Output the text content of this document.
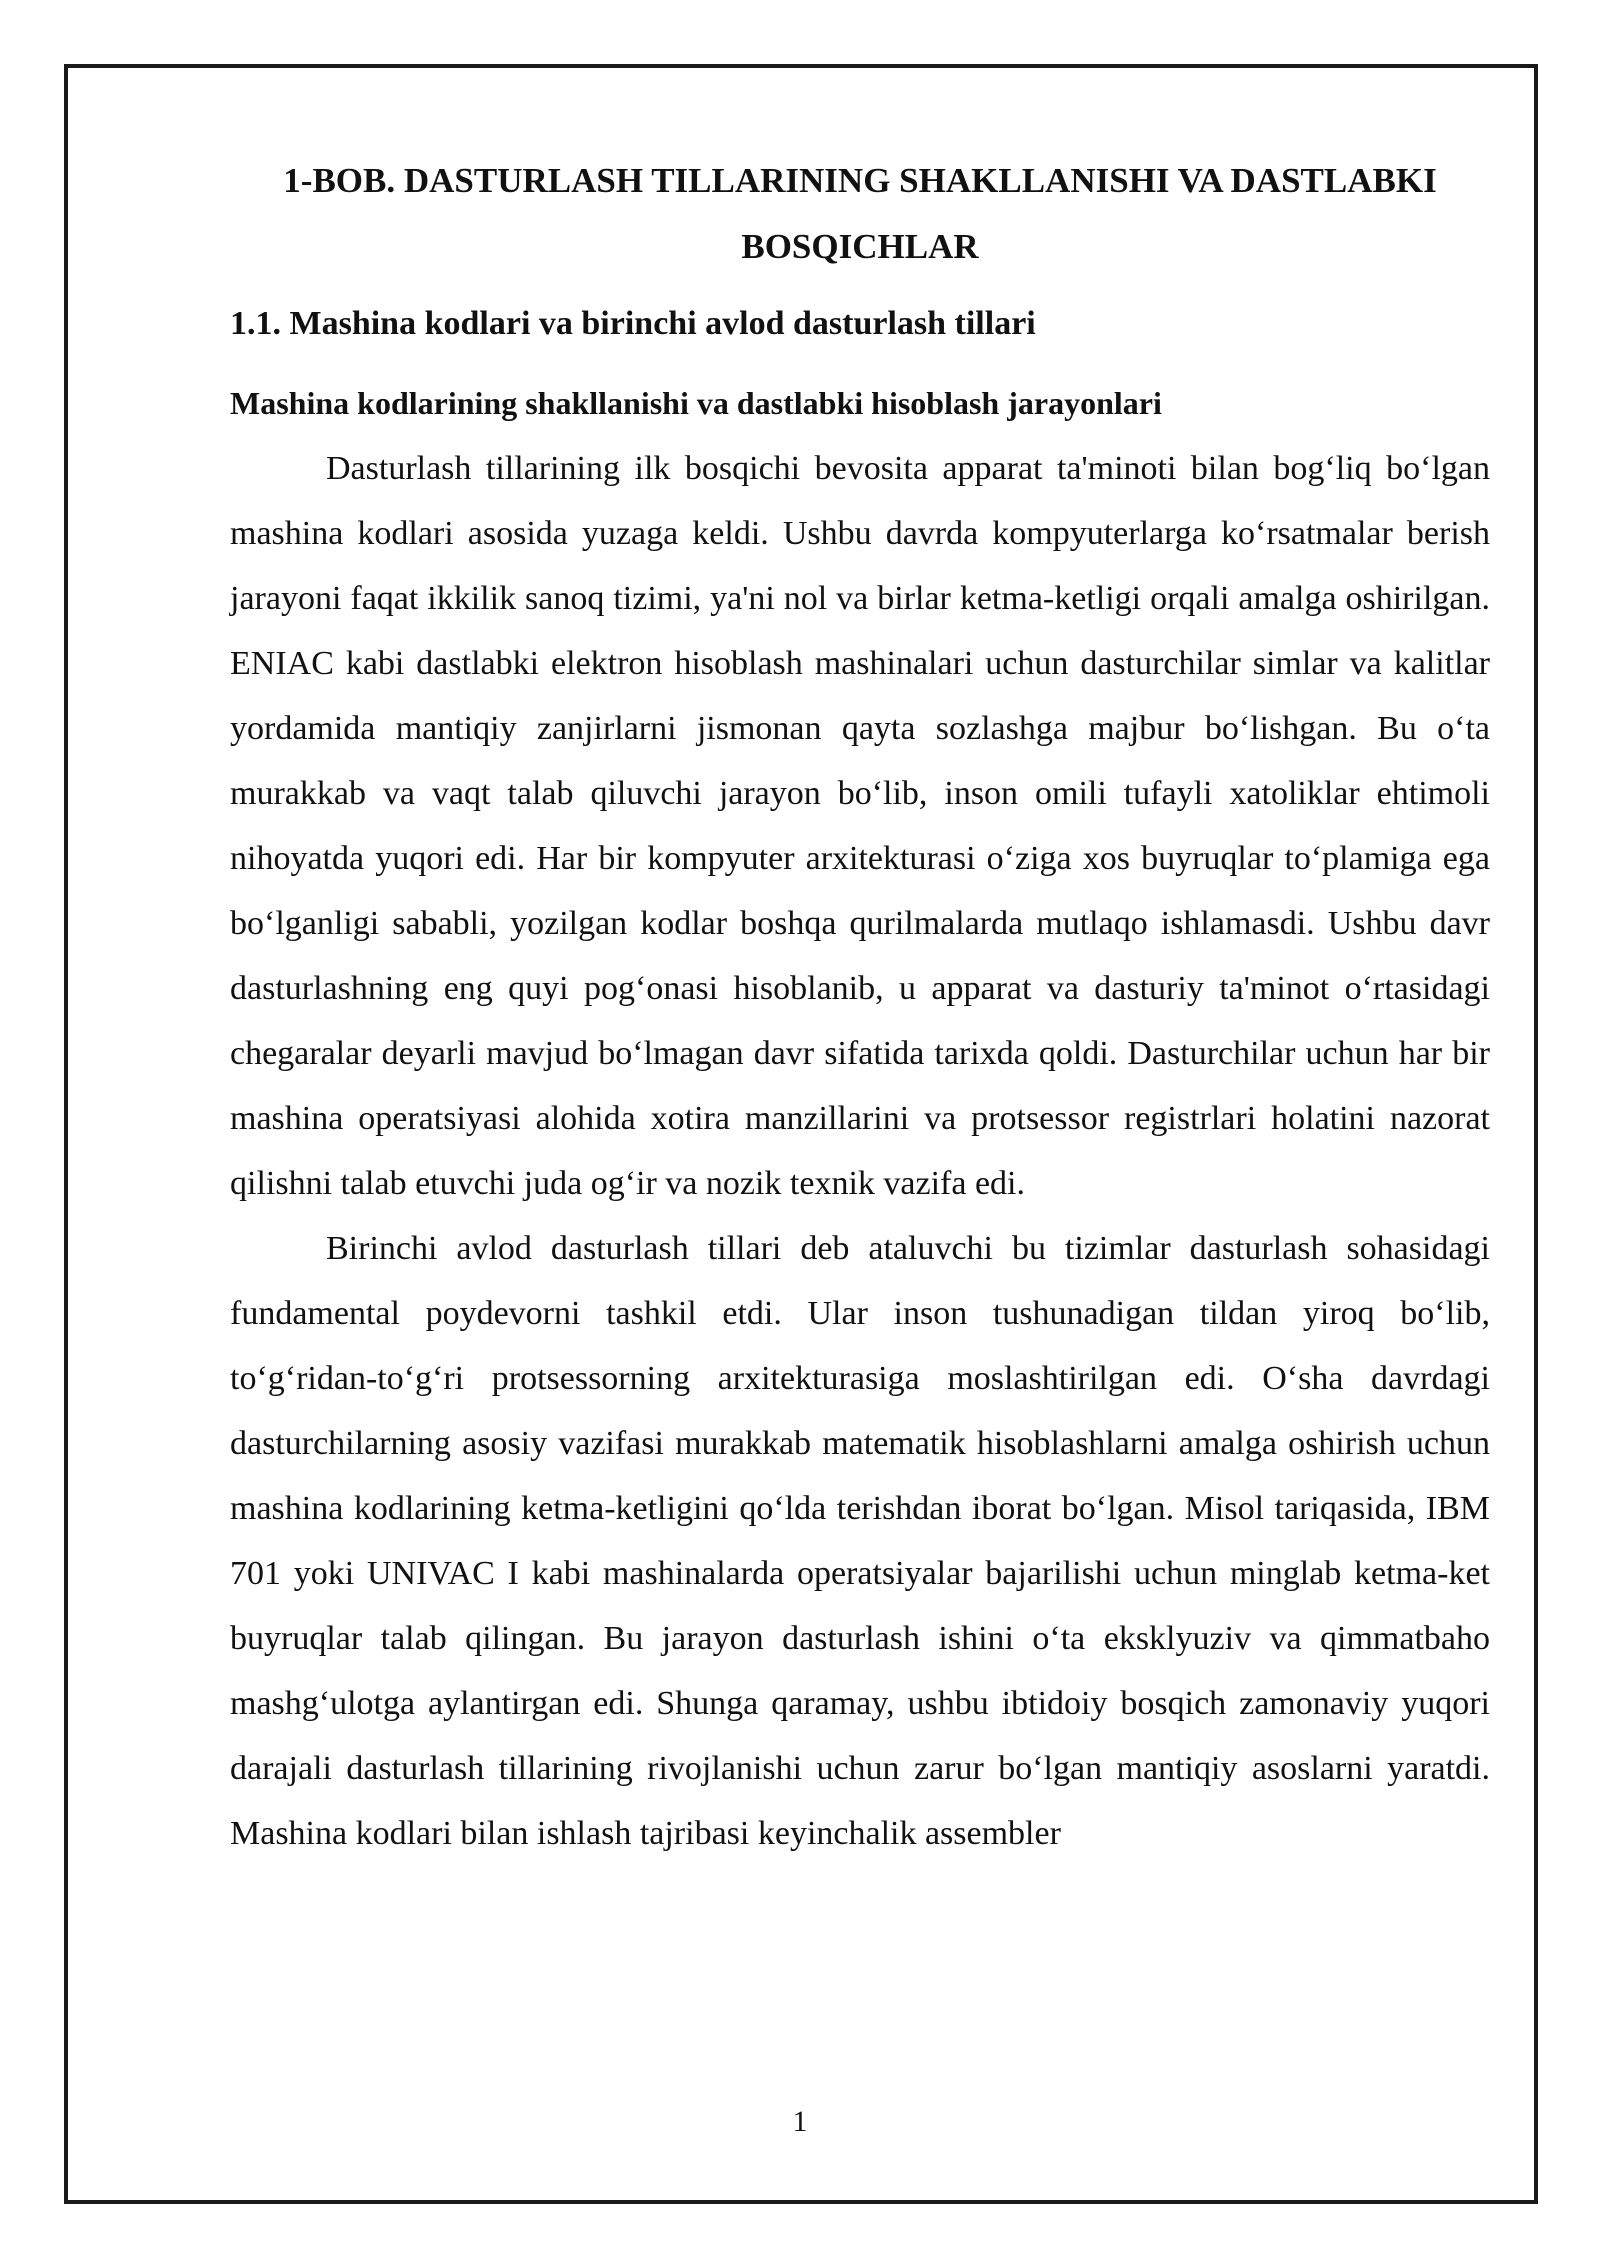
1-BOB. DASTURLASH TILLARINING SHAKLLANISHI VA DASTLABKI BOSQICHLAR
1.1. Mashina kodlari va birinchi avlod dasturlash tillari
Mashina kodlarining shakllanishi va dastlabki hisoblash jarayonlari

Dasturlash tillarining ilk bosqichi bevosita apparat ta'minoti bilan bog‘liq bo‘lgan mashina kodlari asosida yuzaga keldi. Ushbu davrda kompyuterlarga ko‘rsatmalar berish jarayoni faqat ikkilik sanoq tizimi, ya'ni nol va birlar ketma-ketligi orqali amalga oshirilgan. ENIAC kabi dastlabki elektron hisoblash mashinalari uchun dasturchilar simlar va kalitlar yordamida mantiqiy zanjirlarni jismonan qayta sozlashga majbur bo‘lishgan. Bu o‘ta murakkab va vaqt talab qiluvchi jarayon bo‘lib, inson omili tufayli xatoliklar ehtimoli nihoyatda yuqori edi. Har bir kompyuter arxitekturasi o‘ziga xos buyruqlar to‘plamiga ega bo‘lganligi sababli, yozilgan kodlar boshqa qurilmalarda mutlaqo ishlamasdi. Ushbu davr dasturlashning eng quyi pog‘onasi hisoblanib, u apparat va dasturiy ta'minot o‘rtasidagi chegaralar deyarli mavjud bo‘lmagan davr sifatida tarixda qoldi. Dasturchilar uchun har bir mashina operatsiyasi alohida xotira manzillarini va protsessor registrlari holatini nazorat qilishni talab etuvchi juda og‘ir va nozik texnik vazifa edi.

Birinchi avlod dasturlash tillari deb ataluvchi bu tizimlar dasturlash sohasidagi fundamental poydevorni tashkil etdi. Ular inson tushunadigan tildan yiroq bo‘lib, to‘g‘ridan-to‘g‘ri protsessorning arxitekturasiga moslashtirilgan edi. O‘sha davrdagi dasturchilarning asosiy vazifasi murakkab matematik hisoblashlarni amalga oshirish uchun mashina kodlarining ketma-ketligini qo‘lda terishdan iborat bo‘lgan. Misol tariqasida, IBM 701 yoki UNIVAC I kabi mashinalarda operatsiyalar bajarilishi uchun minglab ketma-ket buyruqlar talab qilingan. Bu jarayon dasturlash ishini o‘ta eksklyuziv va qimmatbaho mashg‘ulotga aylantirgan edi. Shunga qaramay, ushbu ibtidoiy bosqich zamonaviy yuqori darajali dasturlash tillarining rivojlanishi uchun zarur bo‘lgan mantiqiy asoslarni yaratdi. Mashina kodlari bilan ishlash tajribasi keyinchalik assembler

1
